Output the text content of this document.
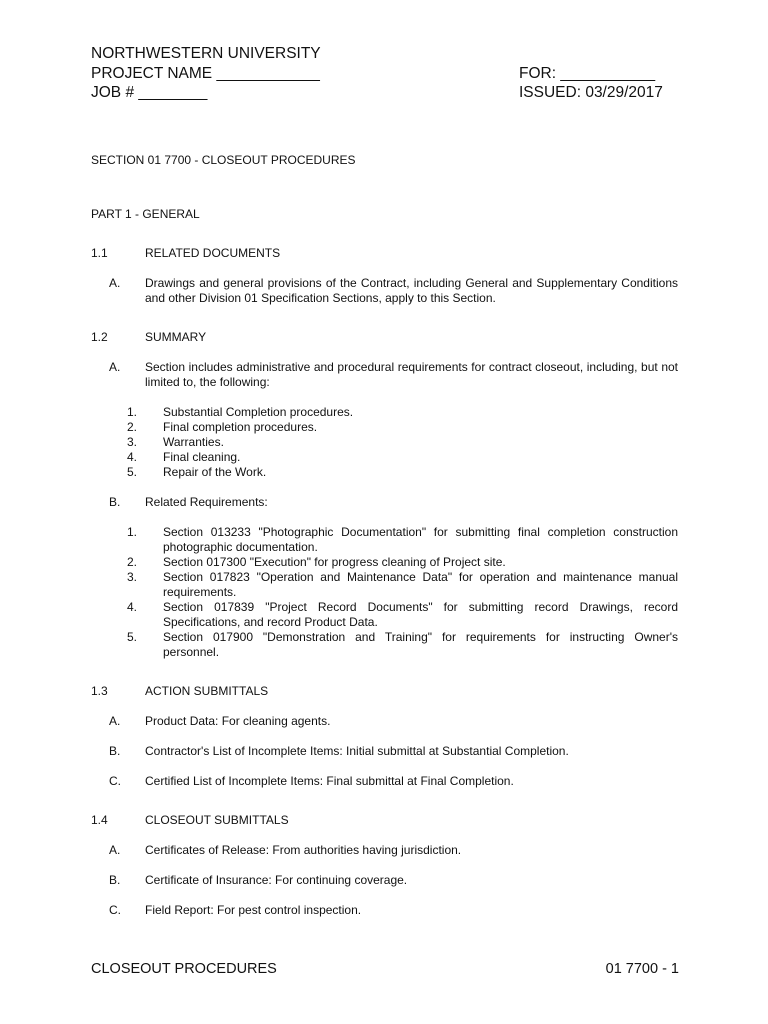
NORTHWESTERN UNIVERSITY
PROJECT NAME ____________
JOB # ________
FOR: ___________
ISSUED: 03/29/2017
SECTION 01 7700 - CLOSEOUT PROCEDURES
PART 1 - GENERAL
1.1	RELATED DOCUMENTS
A. Drawings and general provisions of the Contract, including General and Supplementary Conditions and other Division 01 Specification Sections, apply to this Section.
1.2	SUMMARY
A. Section includes administrative and procedural requirements for contract closeout, including, but not limited to, the following:
1. Substantial Completion procedures.
2. Final completion procedures.
3. Warranties.
4. Final cleaning.
5. Repair of the Work.
B. Related Requirements:
1. Section 013233 "Photographic Documentation" for submitting final completion construction photographic documentation.
2. Section 017300 "Execution" for progress cleaning of Project site.
3. Section 017823 "Operation and Maintenance Data" for operation and maintenance manual requirements.
4. Section 017839 "Project Record Documents" for submitting record Drawings, record Specifications, and record Product Data.
5. Section 017900 "Demonstration and Training" for requirements for instructing Owner's personnel.
1.3	ACTION SUBMITTALS
A. Product Data: For cleaning agents.
B. Contractor's List of Incomplete Items: Initial submittal at Substantial Completion.
C. Certified List of Incomplete Items: Final submittal at Final Completion.
1.4	CLOSEOUT SUBMITTALS
A. Certificates of Release: From authorities having jurisdiction.
B. Certificate of Insurance: For continuing coverage.
C. Field Report: For pest control inspection.
CLOSEOUT PROCEDURES	01 7700 - 1
